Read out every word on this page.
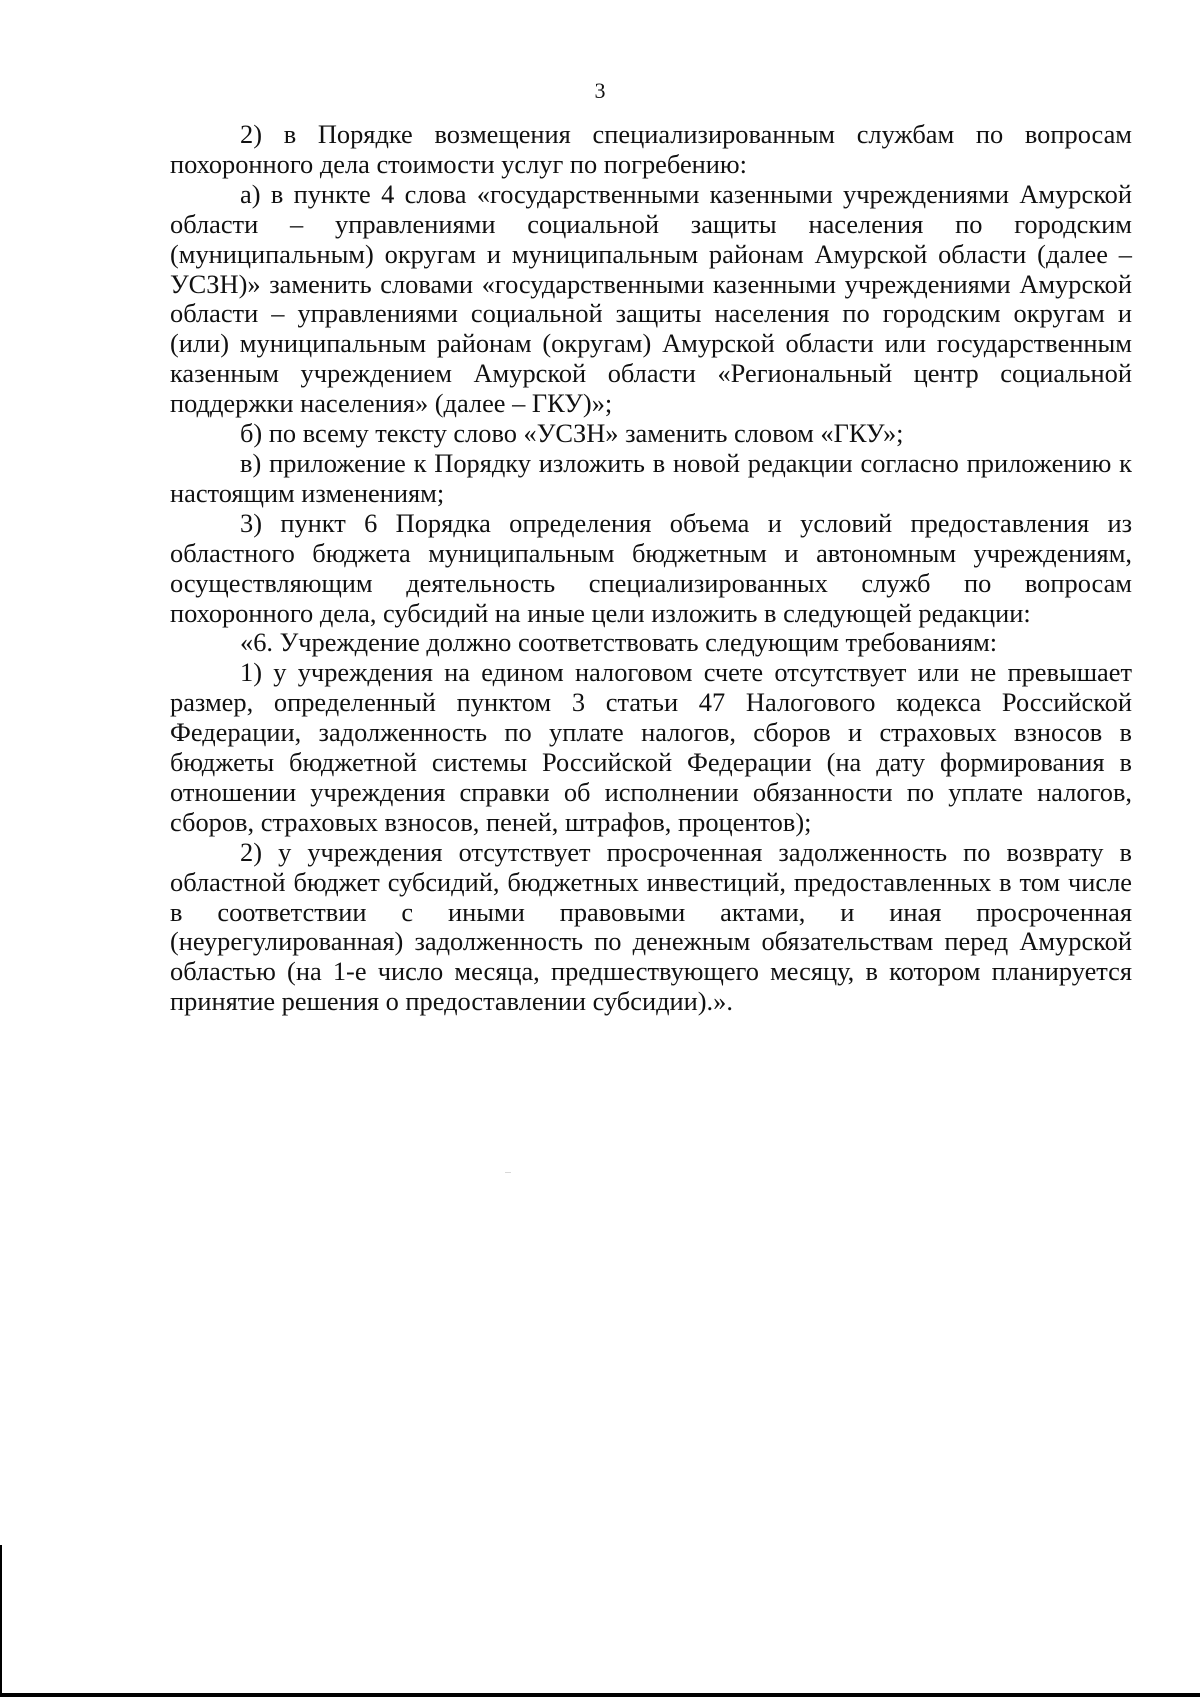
3

2) в Порядке возмещения специализированным службам по вопросам похоронного дела стоимости услуг по погребению:

а) в пункте 4 слова «государственными казенными учреждениями Амурской области – управлениями социальной защиты населения по городским (муниципальным) округам и муниципальным районам Амурской области (далее – УСЗН)» заменить словами «государственными казенными учреждениями Амурской области – управлениями социальной защиты населения по городским округам и (или) муниципальным районам (округам) Амурской области или государственным казенным учреждением Амурской области «Региональный центр социальной поддержки населения» (далее – ГКУ)»;

б) по всему тексту слово «УСЗН» заменить словом «ГКУ»;

в) приложение к Порядку изложить в новой редакции согласно приложению к настоящим изменениям;

3) пункт 6 Порядка определения объема и условий предоставления из областного бюджета муниципальным бюджетным и автономным учреждениям, осуществляющим деятельность специализированных служб по вопросам похоронного дела, субсидий на иные цели изложить в следующей редакции:

«6. Учреждение должно соответствовать следующим требованиям:

1) у учреждения на едином налоговом счете отсутствует или не превышает размер, определенный пунктом 3 статьи 47 Налогового кодекса Российской Федерации, задолженность по уплате налогов, сборов и страховых взносов в бюджеты бюджетной системы Российской Федерации (на дату формирования в отношении учреждения справки об исполнении обязанности по уплате налогов, сборов, страховых взносов, пеней, штрафов, процентов);

2) у учреждения отсутствует просроченная задолженность по возврату в областной бюджет субсидий, бюджетных инвестиций, предоставленных в том числе в соответствии с иными правовыми актами, и иная просроченная (неурегулированная) задолженность по денежным обязательствам перед Амурской областью (на 1-е число месяца, предшествующего месяцу, в котором планируется принятие решения о предоставлении субсидии).».
